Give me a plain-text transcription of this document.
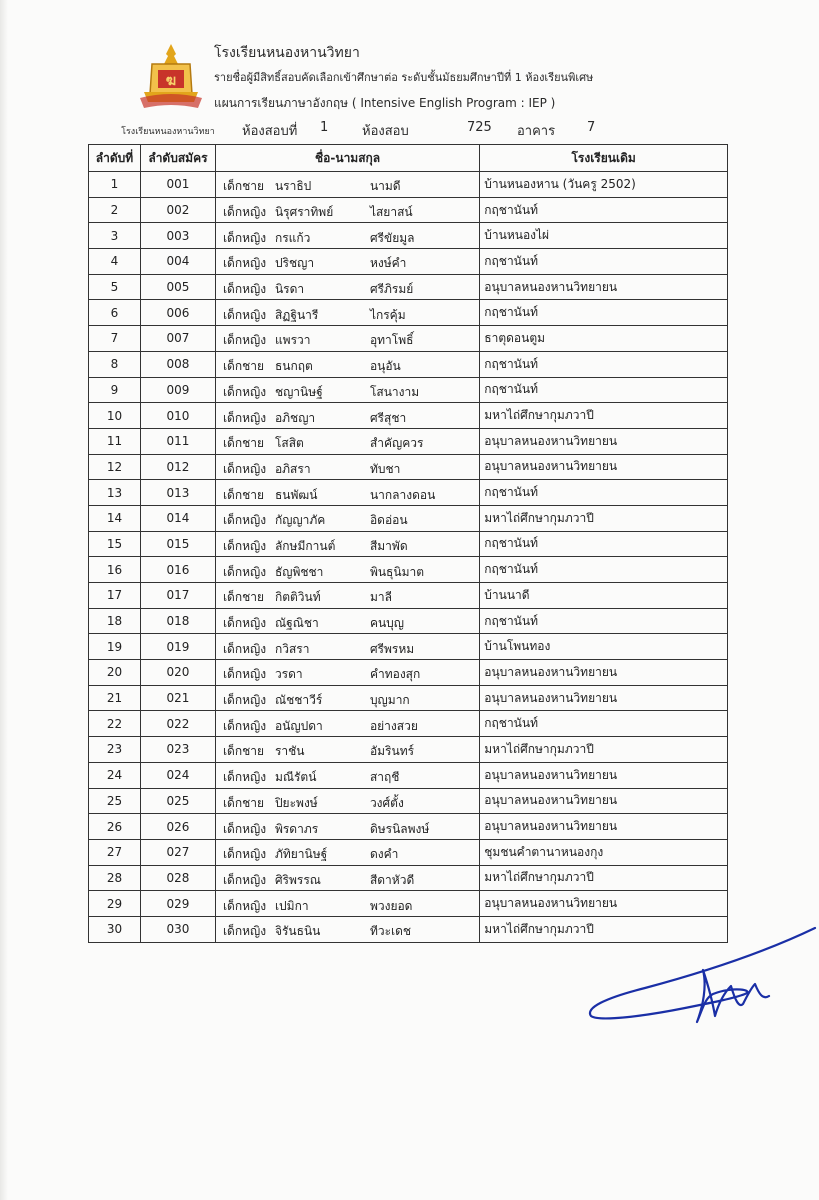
ฆ
โรงเรียนหนองหานวิทยา
โรงเรียนหนองหานวิทยา
รายชื่อผู้มีสิทธิ์สอบคัดเลือกเข้าศึกษาต่อ ระดับชั้นมัธยมศึกษาปีที่ 1 ห้องเรียนพิเศษ
แผนการเรียนภาษาอังกฤษ ( Intensive English Program : IEP )
ห้องสอบที่ 1	ห้องสอบ	725 อาคาร 7
ลำดับที่	ลำดับสมัคร	ชื่อ-นามสกุล	โรงเรียนเดิม
1	001	เด็กชาย นราธิป นามดี	บ้านหนองหาน (วันครู 2502)
2	002	เด็กหญิง นิรุศราทิพย์ ไสยาสน์	กฤชานันท์
3	003	เด็กหญิง กรแก้ว ศรีขัยมูล	บ้านหนองไผ่
4	004	เด็กหญิง ปริชญา หงษ์คำ	กฤชานันท์
5	005	เด็กหญิง นิรดา ศรีภิรมย์	อนุบาลหนองหานวิทยายน
6	006	เด็กหญิง สิฏฐินารี ไกรคุ้ม	กฤชานันท์
7	007	เด็กหญิง แพรวา อุทาโพธิ์	ธาตุดอนตูม
8	008	เด็กชาย ธนกฤต อนุอัน	กฤชานันท์
9	009	เด็กหญิง ชญานิษฐ์ โสนางาม	กฤชานันท์
10	010	เด็กหญิง อภิชญา ศรีสุชา	มหาไถ่ศึกษากุมภวาปี
11	011	เด็กชาย โสสิต สำคัญควร	อนุบาลหนองหานวิทยายน
12	012	เด็กหญิง อภิสรา ทับชา	อนุบาลหนองหานวิทยายน
13	013	เด็กชาย ธนพัฒน์ นากลางดอน	กฤชานันท์
14	014	เด็กหญิง กัญญาภัค อิดอ่อน	มหาไถ่ศึกษากุมภวาปี
15	015	เด็กหญิง ลักษมีกานต์ สีมาพัด	กฤชานันท์
16	016	เด็กหญิง ธัญพิชชา พินธุนิมาต	กฤชานันท์
17	017	เด็กชาย กิตติวินท์ มาลี	บ้านนาดี
18	018	เด็กหญิง ณัฐณิชา คนบุญ	กฤชานันท์
19	019	เด็กหญิง กวิสรา ศรีพรหม	บ้านโพนทอง
20	020	เด็กหญิง วรดา คำทองสุก	อนุบาลหนองหานวิทยายน
21	021	เด็กหญิง ณัชชาวีร์ บุญมาก	อนุบาลหนองหานวิทยายน
22	022	เด็กหญิง อนัญปดา อย่างสวย	กฤชานันท์
23	023	เด็กชาย ราชัน อัมรินทร์	มหาไถ่ศึกษากุมภวาปี
24	024	เด็กหญิง มณีรัตน์ สาฤชี	อนุบาลหนองหานวิทยายน
25	025	เด็กชาย ปิยะพงษ์ วงศ์ตั้ง	อนุบาลหนองหานวิทยายน
26	026	เด็กหญิง พิรดาภร ดิษรนิลพงษ์	อนุบาลหนองหานวิทยายน
27	027	เด็กหญิง ภัทิยานิษฐ์ ดงคำ	ชุมชนคำตานาหนองกุง
28	028	เด็กหญิง ศิริพรรณ สีดาหัวดี	มหาไถ่ศึกษากุมภวาปี
29	029	เด็กหญิง เปมิกา พวงยอด	อนุบาลหนองหานวิทยายน
30	030	เด็กหญิง จิรันธนิน ทีวะเดช	มหาไถ่ศึกษากุมภวาปี
